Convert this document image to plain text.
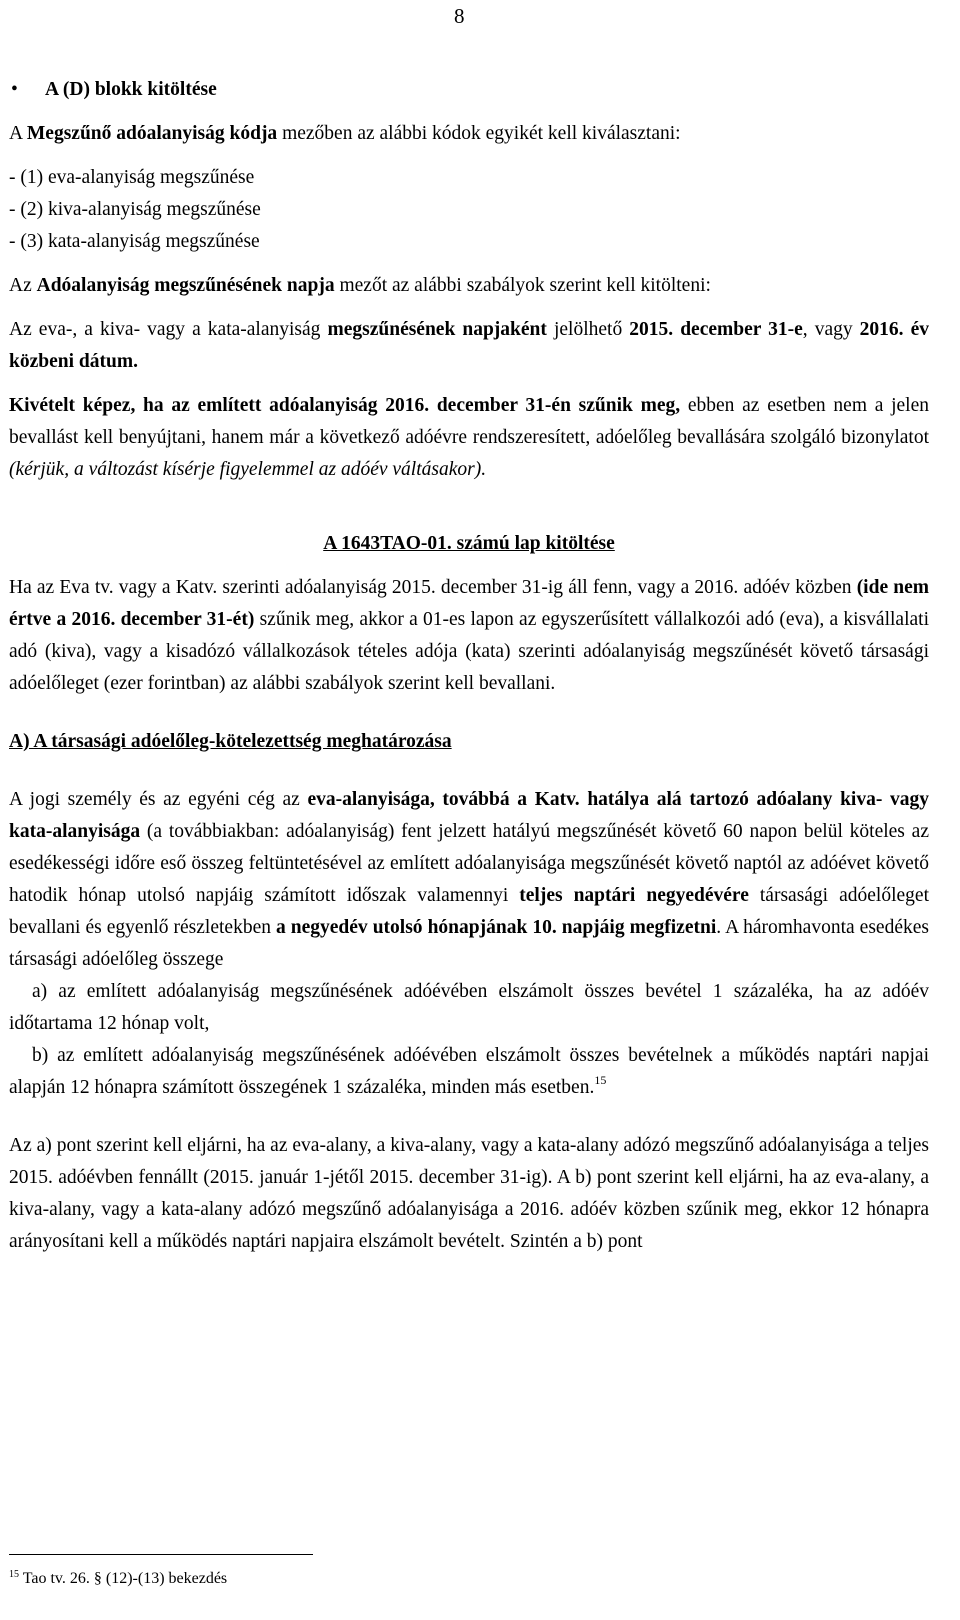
8

• A (D) blokk kitöltése

A Megszűnő adóalanyiság kódja mezőben az alábbi kódok egyikét kell kiválasztani:

- (1) eva-alanyiság megszűnése

- (2) kiva-alanyiság megszűnése

- (3) kata-alanyiság megszűnése

Az Adóalanyiság megszűnésének napja mezőt az alábbi szabályok szerint kell kitölteni:

Az eva-, a kiva- vagy a kata-alanyiság megszűnésének napjaként jelölhető 2015. december 31-e, vagy 2016. év közbeni dátum.

Kivételt képez, ha az említett adóalanyiság 2016. december 31-én szűnik meg, ebben az esetben nem a jelen bevallást kell benyújtani, hanem már a következő adóévre rendszeresített, adóelőleg bevallására szolgáló bizonylatot (kérjük, a változást kísérje figyelemmel az adóév váltásakor).

A 1643TAO-01. számú lap kitöltése

Ha az Eva tv. vagy a Katv. szerinti adóalanyiság 2015. december 31-ig áll fenn, vagy a 2016. adóév közben (ide nem értve a 2016. december 31-ét) szűnik meg, akkor a 01-es lapon az egyszerűsített vállalkozói adó (eva), a kisvállalati adó (kiva), vagy a kisadózó vállalkozások tételes adója (kata) szerinti adóalanyiság megszűnését követő társasági adóelőleget (ezer forintban) az alábbi szabályok szerint kell bevallani.

A) A társasági adóelőleg-kötelezettség meghatározása

A jogi személy és az egyéni cég az eva-alanyisága, továbbá a Katv. hatálya alá tartozó adóalany kiva- vagy kata-alanyisága (a továbbiakban: adóalanyiság) fent jelzett hatályú megszűnését követő 60 napon belül köteles az esedékességi időre eső összeg feltüntetésével az említett adóalanyisága megszűnését követő naptól az adóévet követő hatodik hónap utolsó napjáig számított időszak valamennyi teljes naptári negyedévére társasági adóelőleget bevallani és egyenlő részletekben a negyedév utolsó hónapjának 10. napjáig megfizetni. A háromhavonta esedékes társasági adóelőleg összege

a) az említett adóalanyiság megszűnésének adóévében elszámolt összes bevétel 1 százaléka, ha az adóév időtartama 12 hónap volt,

b) az említett adóalanyiság megszűnésének adóévében elszámolt összes bevételnek a működés naptári napjai alapján 12 hónapra számított összegének 1 százaléka, minden más esetben.$^{15}$

Az a) pont szerint kell eljárni, ha az eva-alany, a kiva-alany, vagy a kata-alany adózó megszűnő adóalanyisága a teljes 2015. adóévben fennállt (2015. január 1-jétől 2015. december 31-ig). A b) pont szerint kell eljárni, ha az eva-alany, a kiva-alany, vagy a kata-alany adózó megszűnő adóalanyisága a 2016. adóév közben szűnik meg, ekkor 12 hónapra arányosítani kell a működés naptári napjaira elszámolt bevételt. Szintén a b) pont

$^{15}$ Tao tv. 26. § (12)-(13) bekezdés
